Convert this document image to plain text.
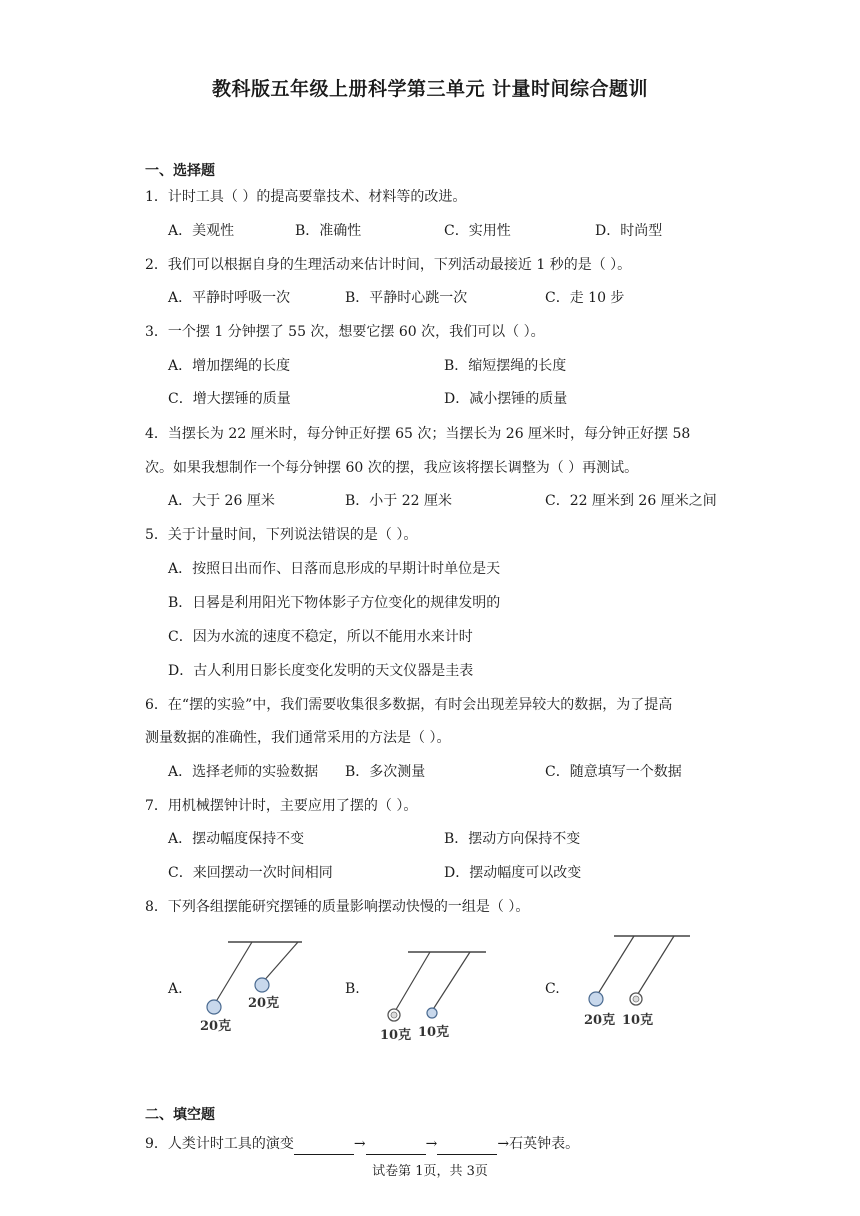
教科版五年级上册科学第三单元 计量时间综合题训
一、选择题
1．计时工具（ ）的提高要靠技术、材料等的改进。
A．美观性	B．准确性	C．实用性	D．时尚型
2．我们可以根据自身的生理活动来估计时间，下列活动最接近 1 秒的是（ ）。
A．平静时呼吸一次	B．平静时心跳一次	C．走 10 步
3．一个摆 1 分钟摆了 55 次，想要它摆 60 次，我们可以（ ）。
A．增加摆绳的长度	B．缩短摆绳的长度
C．增大摆锤的质量	D．减小摆锤的质量
4．当摆长为 22 厘米时，每分钟正好摆 65 次；当摆长为 26 厘米时，每分钟正好摆 58
次。如果我想制作一个每分钟摆 60 次的摆，我应该将摆长调整为（ ）再测试。
A．大于 26 厘米	B．小于 22 厘米	C．22 厘米到 26 厘米之间
5．关于计量时间，下列说法错误的是（ ）。
A．按照日出而作、日落而息形成的早期计时单位是天
B．日晷是利用阳光下物体影子方位变化的规律发明的
C．因为水流的速度不稳定，所以不能用水来计时
D．古人利用日影长度变化发明的天文仪器是圭表
6．在“摆的实验”中，我们需要收集很多数据，有时会出现差异较大的数据，为了提高
测量数据的准确性，我们通常采用的方法是（ ）。
A．选择老师的实验数据 B．多次测量	C．随意填写一个数据
7．用机械摆钟计时，主要应用了摆的（ ）。
A．摆动幅度保持不变	B．摆动方向保持不变
C．来回摆动一次时间相同	D．摆动幅度可以改变
8．下列各组摆能研究摆锤的质量影响摆动快慢的一组是（ ）。
A.	B.	C.
20克
20克
10克 10克
20克 10克
二、填空题
9．人类计时工具的演变	→	→	→石英钟表。
试卷第 1页，共 3页
